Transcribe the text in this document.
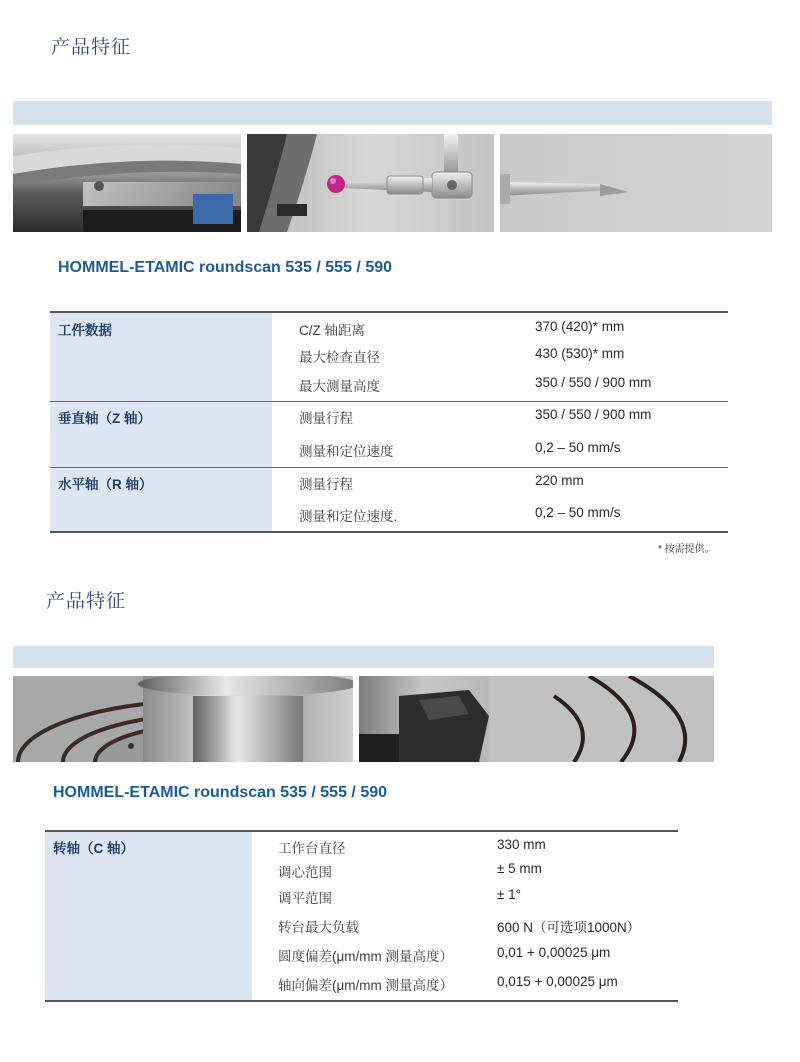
产品特征
HOMMEL-ETAMIC roundscan 535 / 555 / 590
工件数据	C/Z 轴距离	370 (420)* mm
	最大检查直径	430 (530)* mm
	最大测量高度	350 / 550 / 900 mm
垂直轴（Z 轴）	测量行程	350 / 550 / 900 mm
	测量和定位速度	0,2 – 50 mm/s
水平轴（R 轴）	测量行程	220 mm
	测量和定位速度.	0,2 – 50 mm/s
* 按需提供。
产品特征
HOMMEL-ETAMIC roundscan 535 / 555 / 590
转轴（C 轴）	工作台直径	330 mm
	调心范围	± 5 mm
	调平范围	± 1°
	转台最大负载	600 N（可选项1000N）
	圆度偏差(μm/mm 测量高度）	0,01 + 0,00025 μm
	轴向偏差(μm/mm 测量高度）	0,015 + 0,00025 μm
